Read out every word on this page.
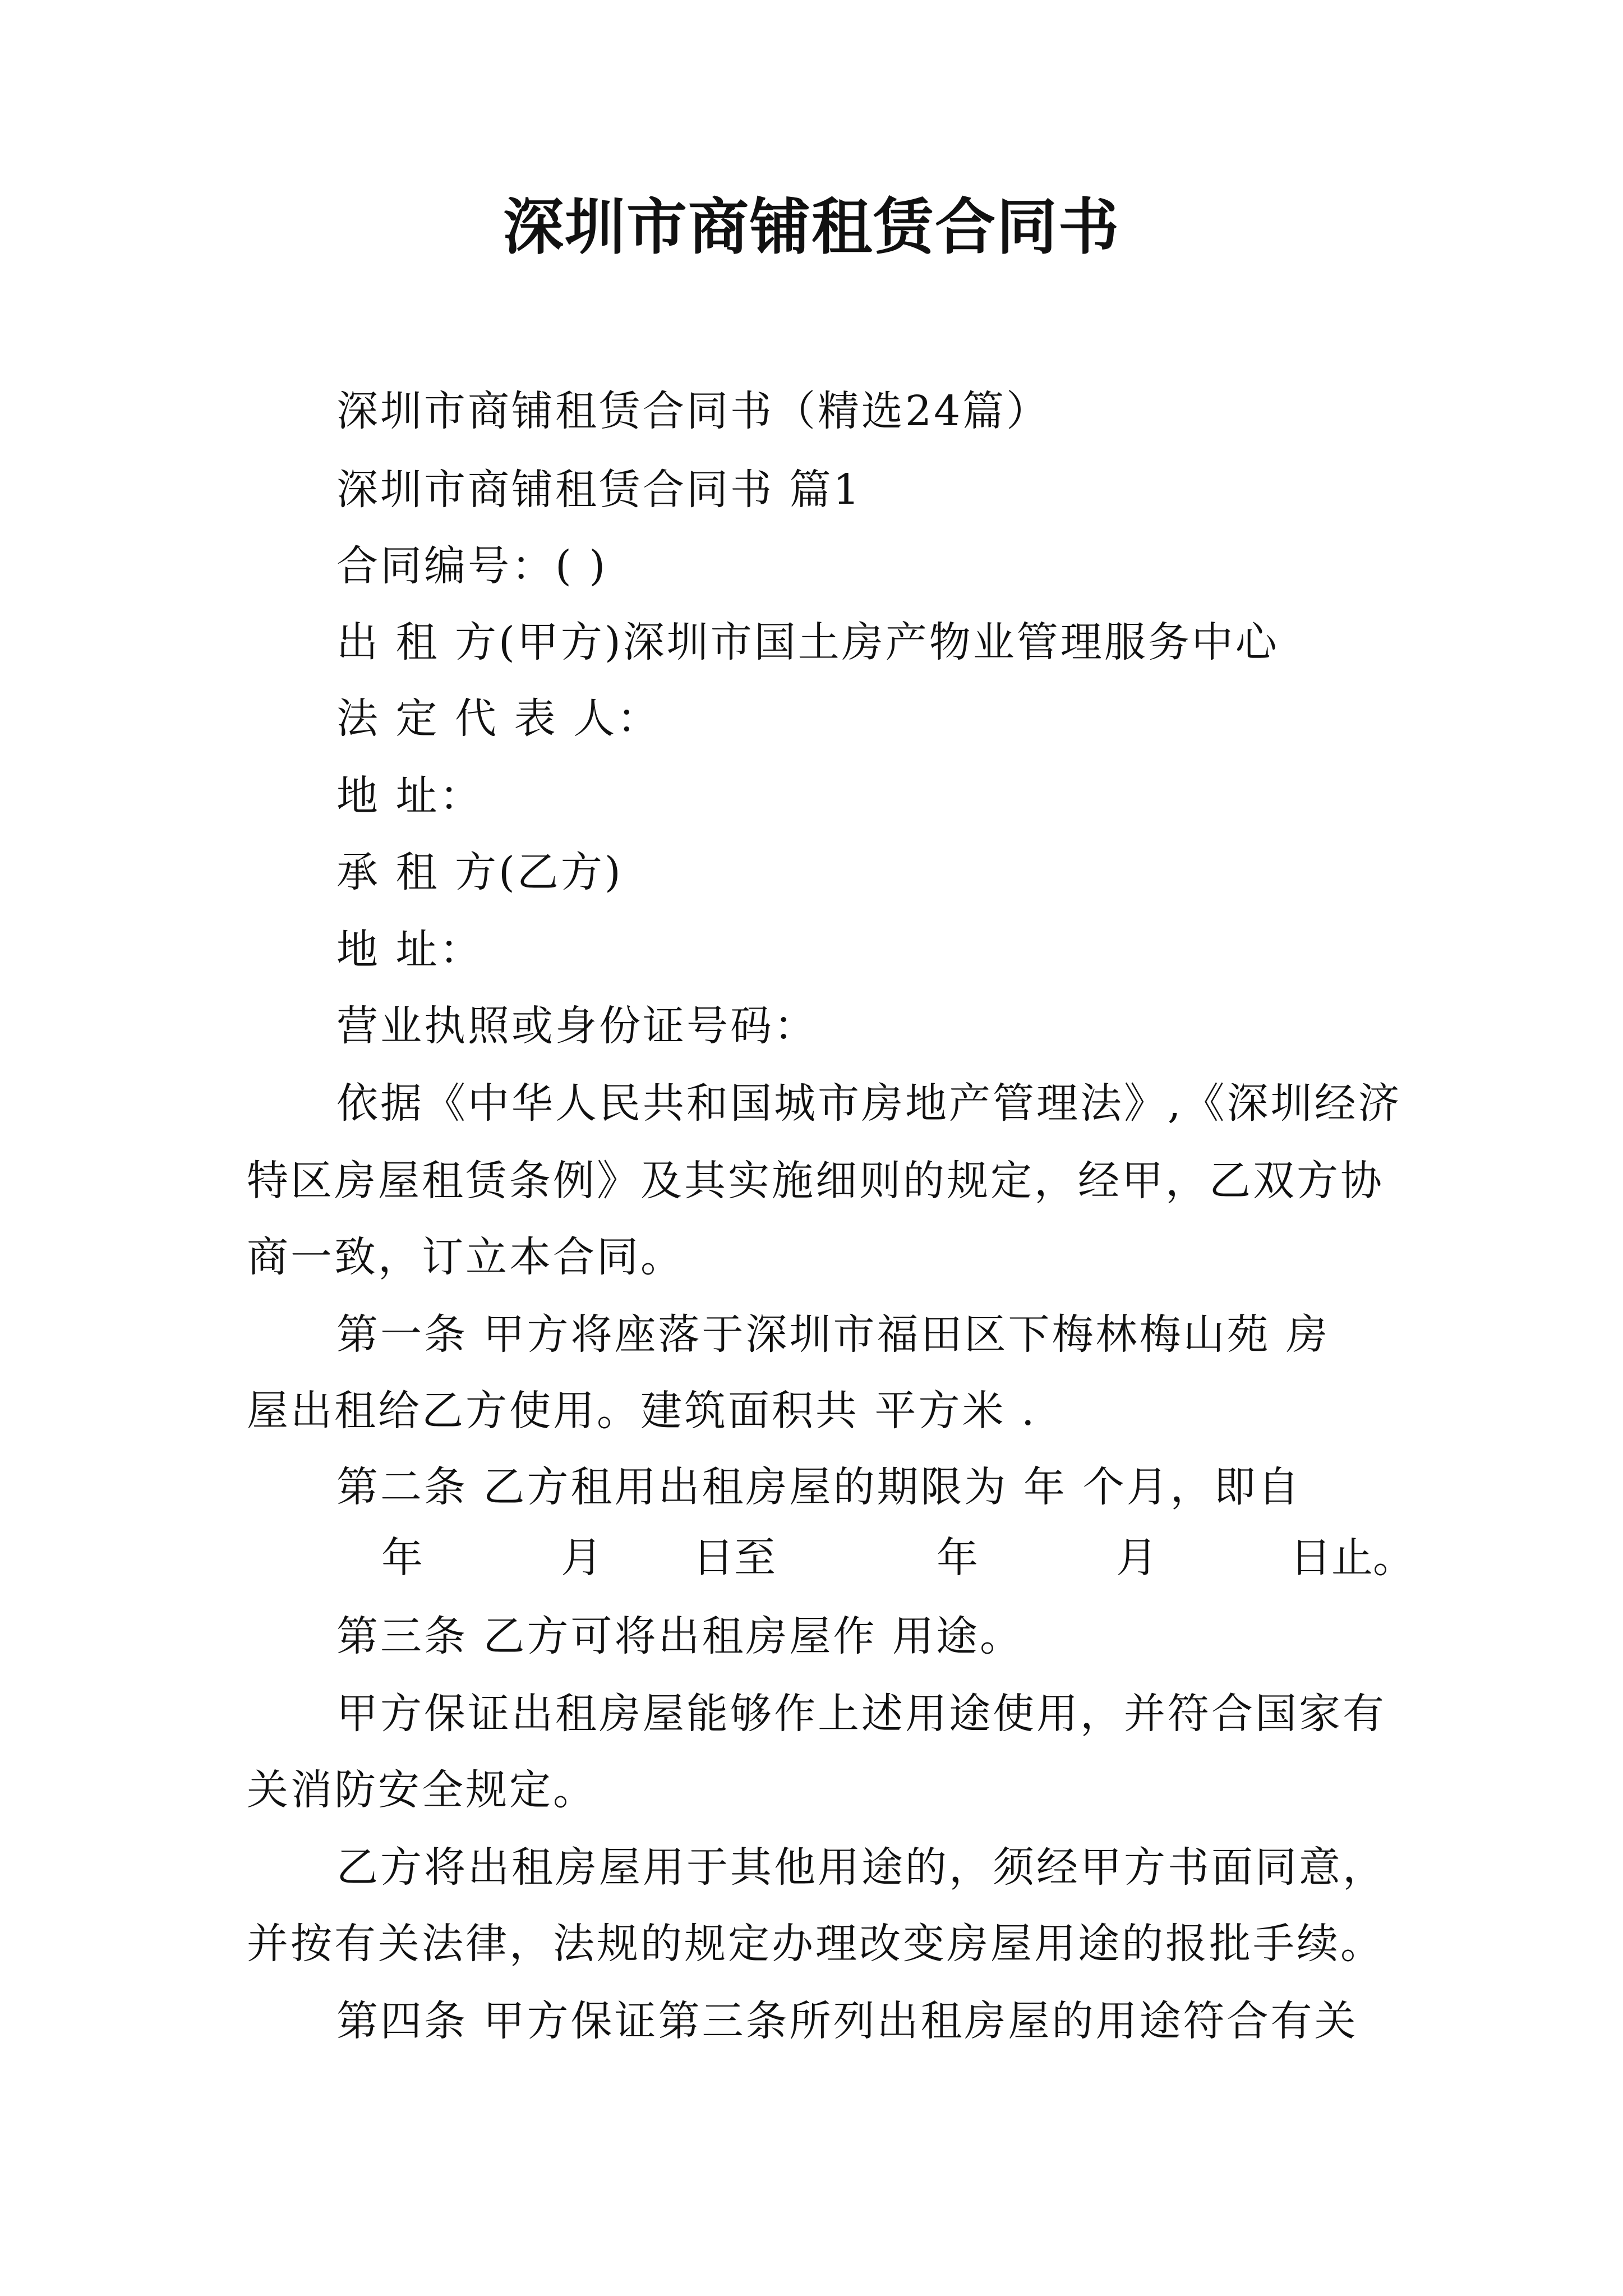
深圳市商铺租赁合同书
深圳市商铺租赁合同书（精选24篇）
深圳市商铺租赁合同书 篇1
合同编号：( )
出 租 方(甲方)深圳市国土房产物业管理服务中心
法 定 代 表 人：
地 址：
承 租 方(乙方)
地 址：
营业执照或身份证号码：
依据《中华人民共和国城市房地产管理法》,《深圳经济
特区房屋租赁条例》及其实施细则的规定，经甲，乙双方协
商一致，订立本合同。
第一条 甲方将座落于深圳市福田区下梅林梅山苑 房
屋出租给乙方使用。建筑面积共 平方米 .
第二条 乙方租用出租房屋的期限为 年 个月，即自
年	月 日至	年	月	日止。
第三条 乙方可将出租房屋作 用途。
甲方保证出租房屋能够作上述用途使用，并符合国家有
关消防安全规定。
乙方将出租房屋用于其他用途的，须经甲方书面同意，
并按有关法律，法规的规定办理改变房屋用途的报批手续。
第四条 甲方保证第三条所列出租房屋的用途符合有关
